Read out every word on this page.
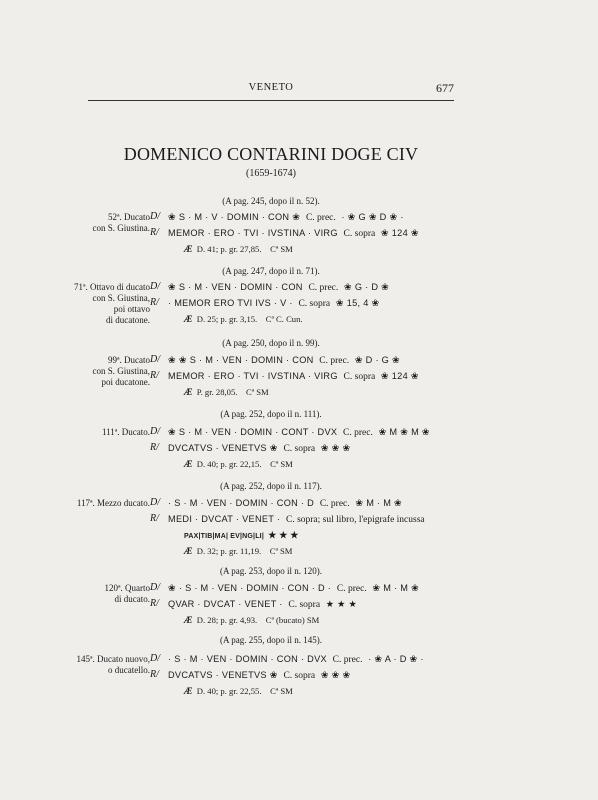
VENETO	677
DOMENICO CONTARINI DOGE CIV
(1659-1674)
(A pag. 245, dopo il n. 52).
52ª. Ducato
con S. Giustina.
D/ ❀ S · M · V · DOMIN · CON ❀ C. prec. · ❀ G ❀ D ❀ ·
R/ MEMOR · ERO · TVI · IVSTINA · VIRG C. sopra ❀ 124 ❀
Æ D. 41; p. gr. 27,85. Cª SM
(A pag. 247, dopo il n. 71).
71ª. Ottavo di ducato
con S. Giustina,
poi ottavo
di ducatone.
D/ ❀ S · M · VEN · DOMIN · CON C. prec. ❀ G · D ❀
R/ · MEMOR ERO TVI IVS · V · C. sopra ❀ 15, 4 ❀
Æ D. 25; p. gr. 3,15. Cª C. Cun.
(A pag. 250, dopo il n. 99).
99ª. Ducato
con S. Giustina,
poi ducatone.
D/ ❀ ❀ S · M · VEN · DOMIN · CON C. prec. ❀ D · G ❀
R/ MEMOR · ERO · TVI · IVSTINA · VIRG C. sopra ❀ 124 ❀
Æ P. gr. 28,05. Cª SM
(A pag. 252, dopo il n. 111).
111ª. Ducato. D/ ❀ S · M · VEN · DOMIN · CONT · DVX C. prec. ❀ M ❀ M ❀
R/ DVCATVS · VENETVS ❀ C. sopra ❀ ❀ ❀
Æ D. 40; p. gr. 22,15. Cª SM
(A pag. 252, dopo il n. 117).
117ª. Mezzo ducato. D/ · S · M · VEN · DOMIN · CON · D C. prec. ❀ M · M ❀
R/ MEDI · DVCAT · VENET · C. sopra; sul libro, l'epigrafe incussa
PAX|TIB|MA| EV|NG|LI| ★ ★ ★
Æ D. 32; p. gr. 11,19. Cª SM
(A pag. 253, dopo il n. 120).
120ª. Quarto
di ducato.
D/ ❀ · S · M · VEN · DOMIN · CON · D · C. prec. ❀ M · M ❀
R/ QVAR · DVCAT · VENET · C. sopra ★ ★ ★
Æ D. 28; p. gr. 4,93. Cª (bucato) SM
(A pag. 255, dopo il n. 145).
145ª. Ducato nuovo,
o ducatello.
D/ · S · M · VEN · DOMIN · CON · DVX C. prec. · ❀ A · D ❀ ·
R/ DVCATVS · VENETVS ❀ C. sopra ❀ ❀ ❀
Æ D. 40; p. gr. 22,55. Cª SM
